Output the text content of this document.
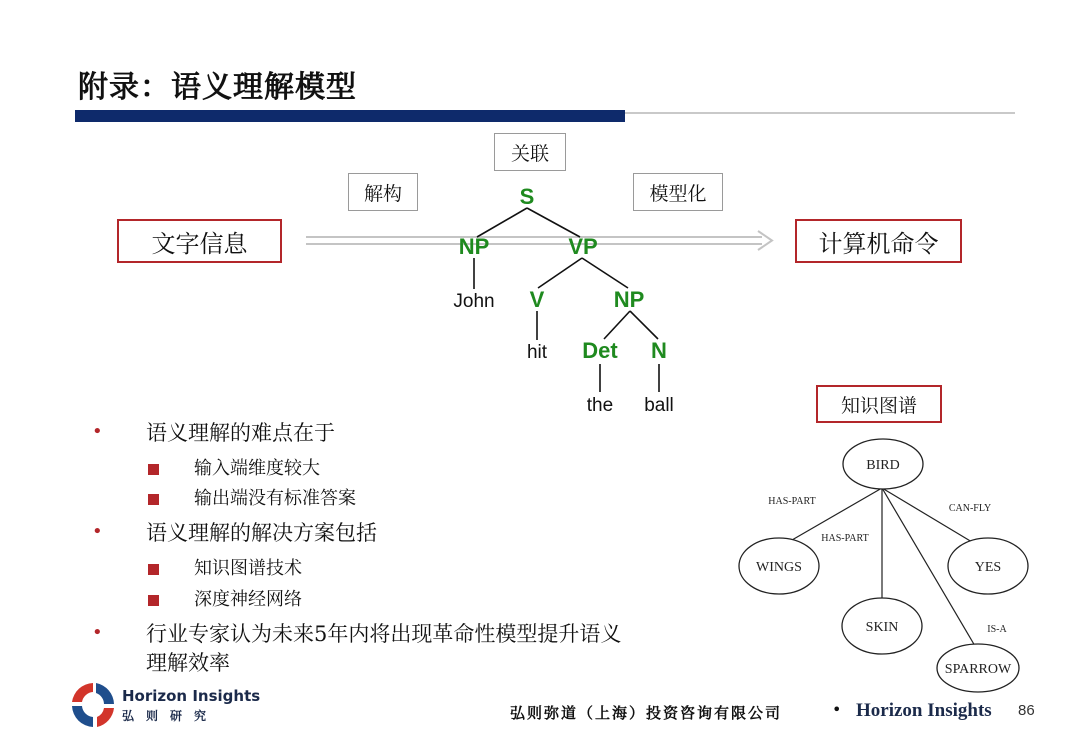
附录：语义理解模型
关联
解构	模型化
文字信息	计算机命令
S
NP	VP
V	NP
Det N
John
hit
the ball	知识图谱
BIRD
WINGS
SKIN
YES
SPARROW
HAS-PART
HAS-PART
CAN-FLY
IS-A
• 语义理解的难点在于
输入端维度较大
输出端没有标准答案
• 语义理解的解决方案包括
知识图谱技术
深度神经网络
• 行业专家认为未来5年内将出现革命性模型提升语义
理解效率
Horizon Insights
弘则研究	弘则弥道（上海）投资咨询有限公司	• Horizon Insights 86
